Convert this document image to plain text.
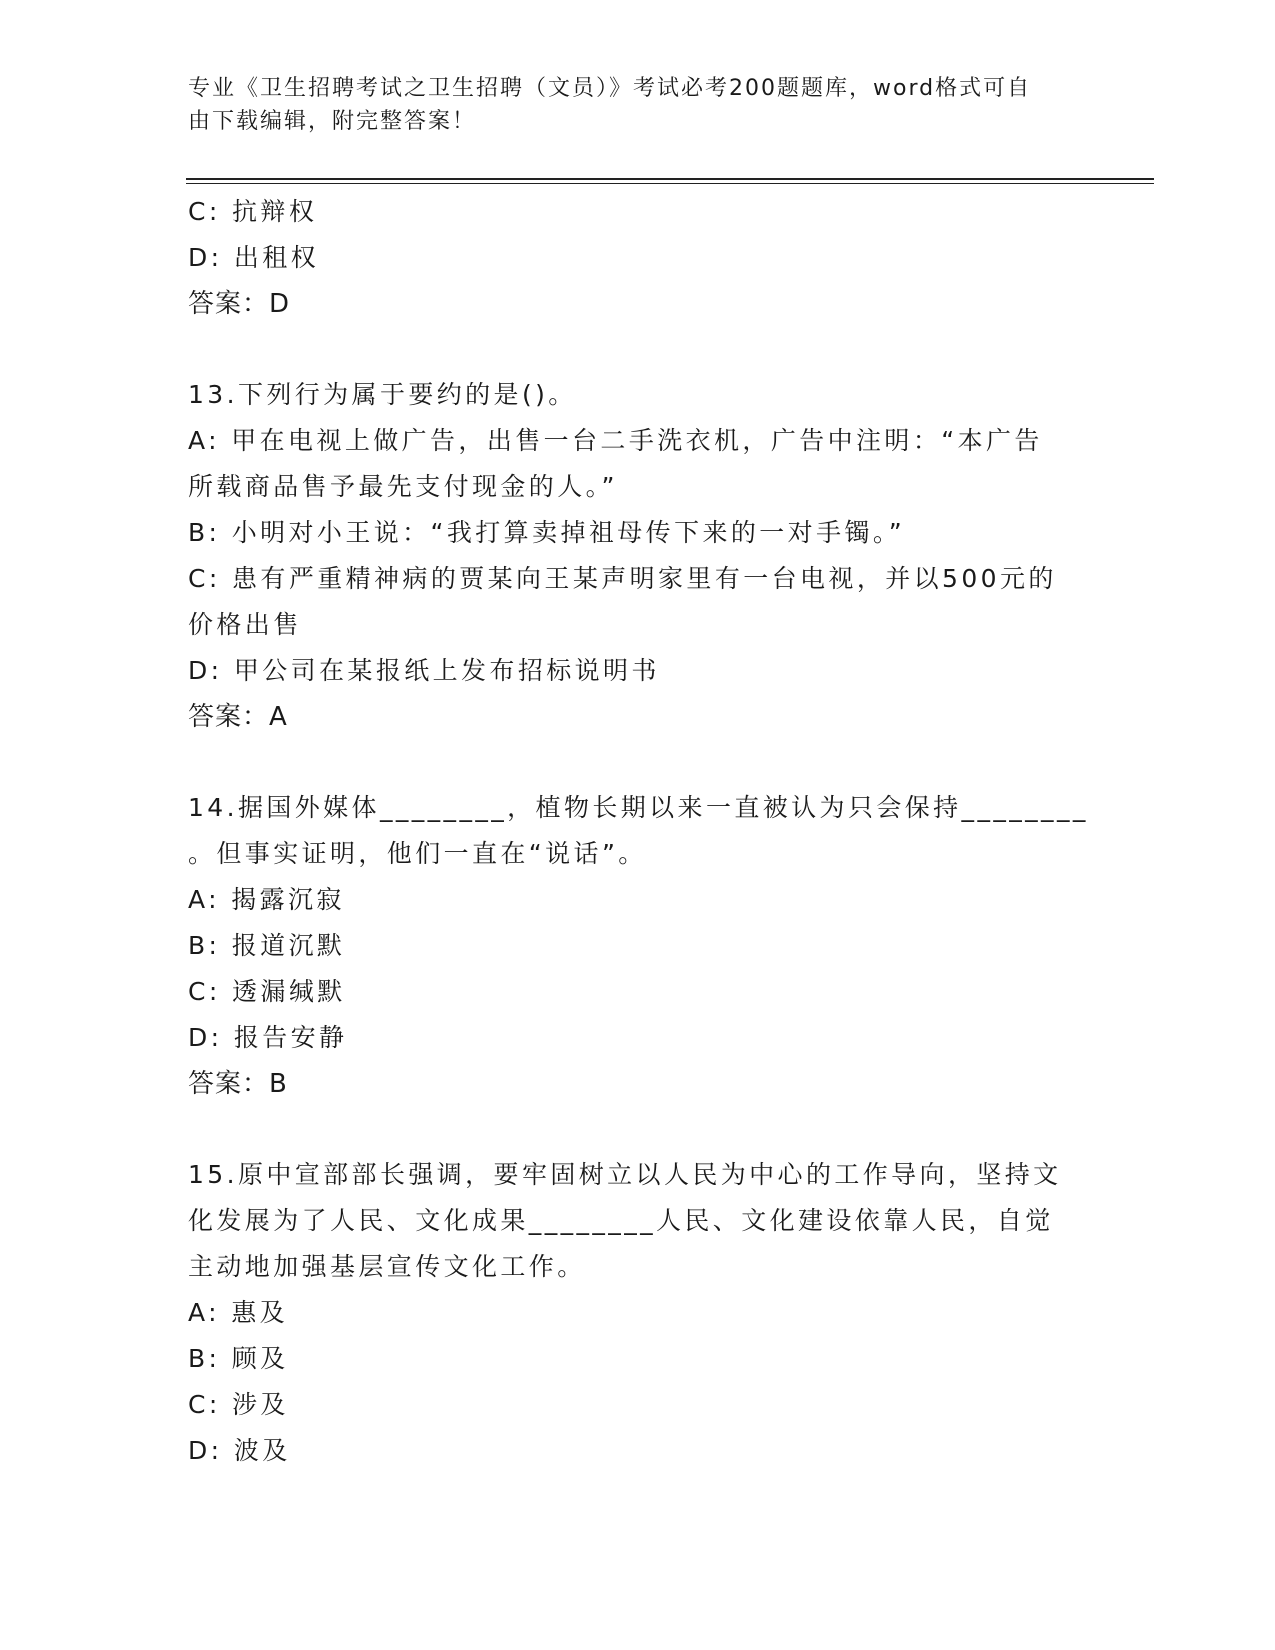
专业《卫生招聘考试之卫生招聘（文员）》考试必考200题题库，word格式可自
由下载编辑，附完整答案！
C: 抗辩权
D: 出租权
答案：D
13.下列行为属于要约的是()。
A: 甲在电视上做广告，出售一台二手洗衣机，广告中注明：“本广告
所载商品售予最先支付现金的人。”
B: 小明对小王说：“我打算卖掉祖母传下来的一对手镯。”
C: 患有严重精神病的贾某向王某声明家里有一台电视，并以500元的
价格出售
D: 甲公司在某报纸上发布招标说明书
答案：A
14.据国外媒体________，植物长期以来一直被认为只会保持________
。但事实证明，他们一直在“说话”。
A: 揭露沉寂
B: 报道沉默
C: 透漏缄默
D: 报告安静
答案：B
15.原中宣部部长强调，要牢固树立以人民为中心的工作导向，坚持文
化发展为了人民、文化成果________人民、文化建设依靠人民，自觉
主动地加强基层宣传文化工作。
A: 惠及
B: 顾及
C: 涉及
D: 波及
